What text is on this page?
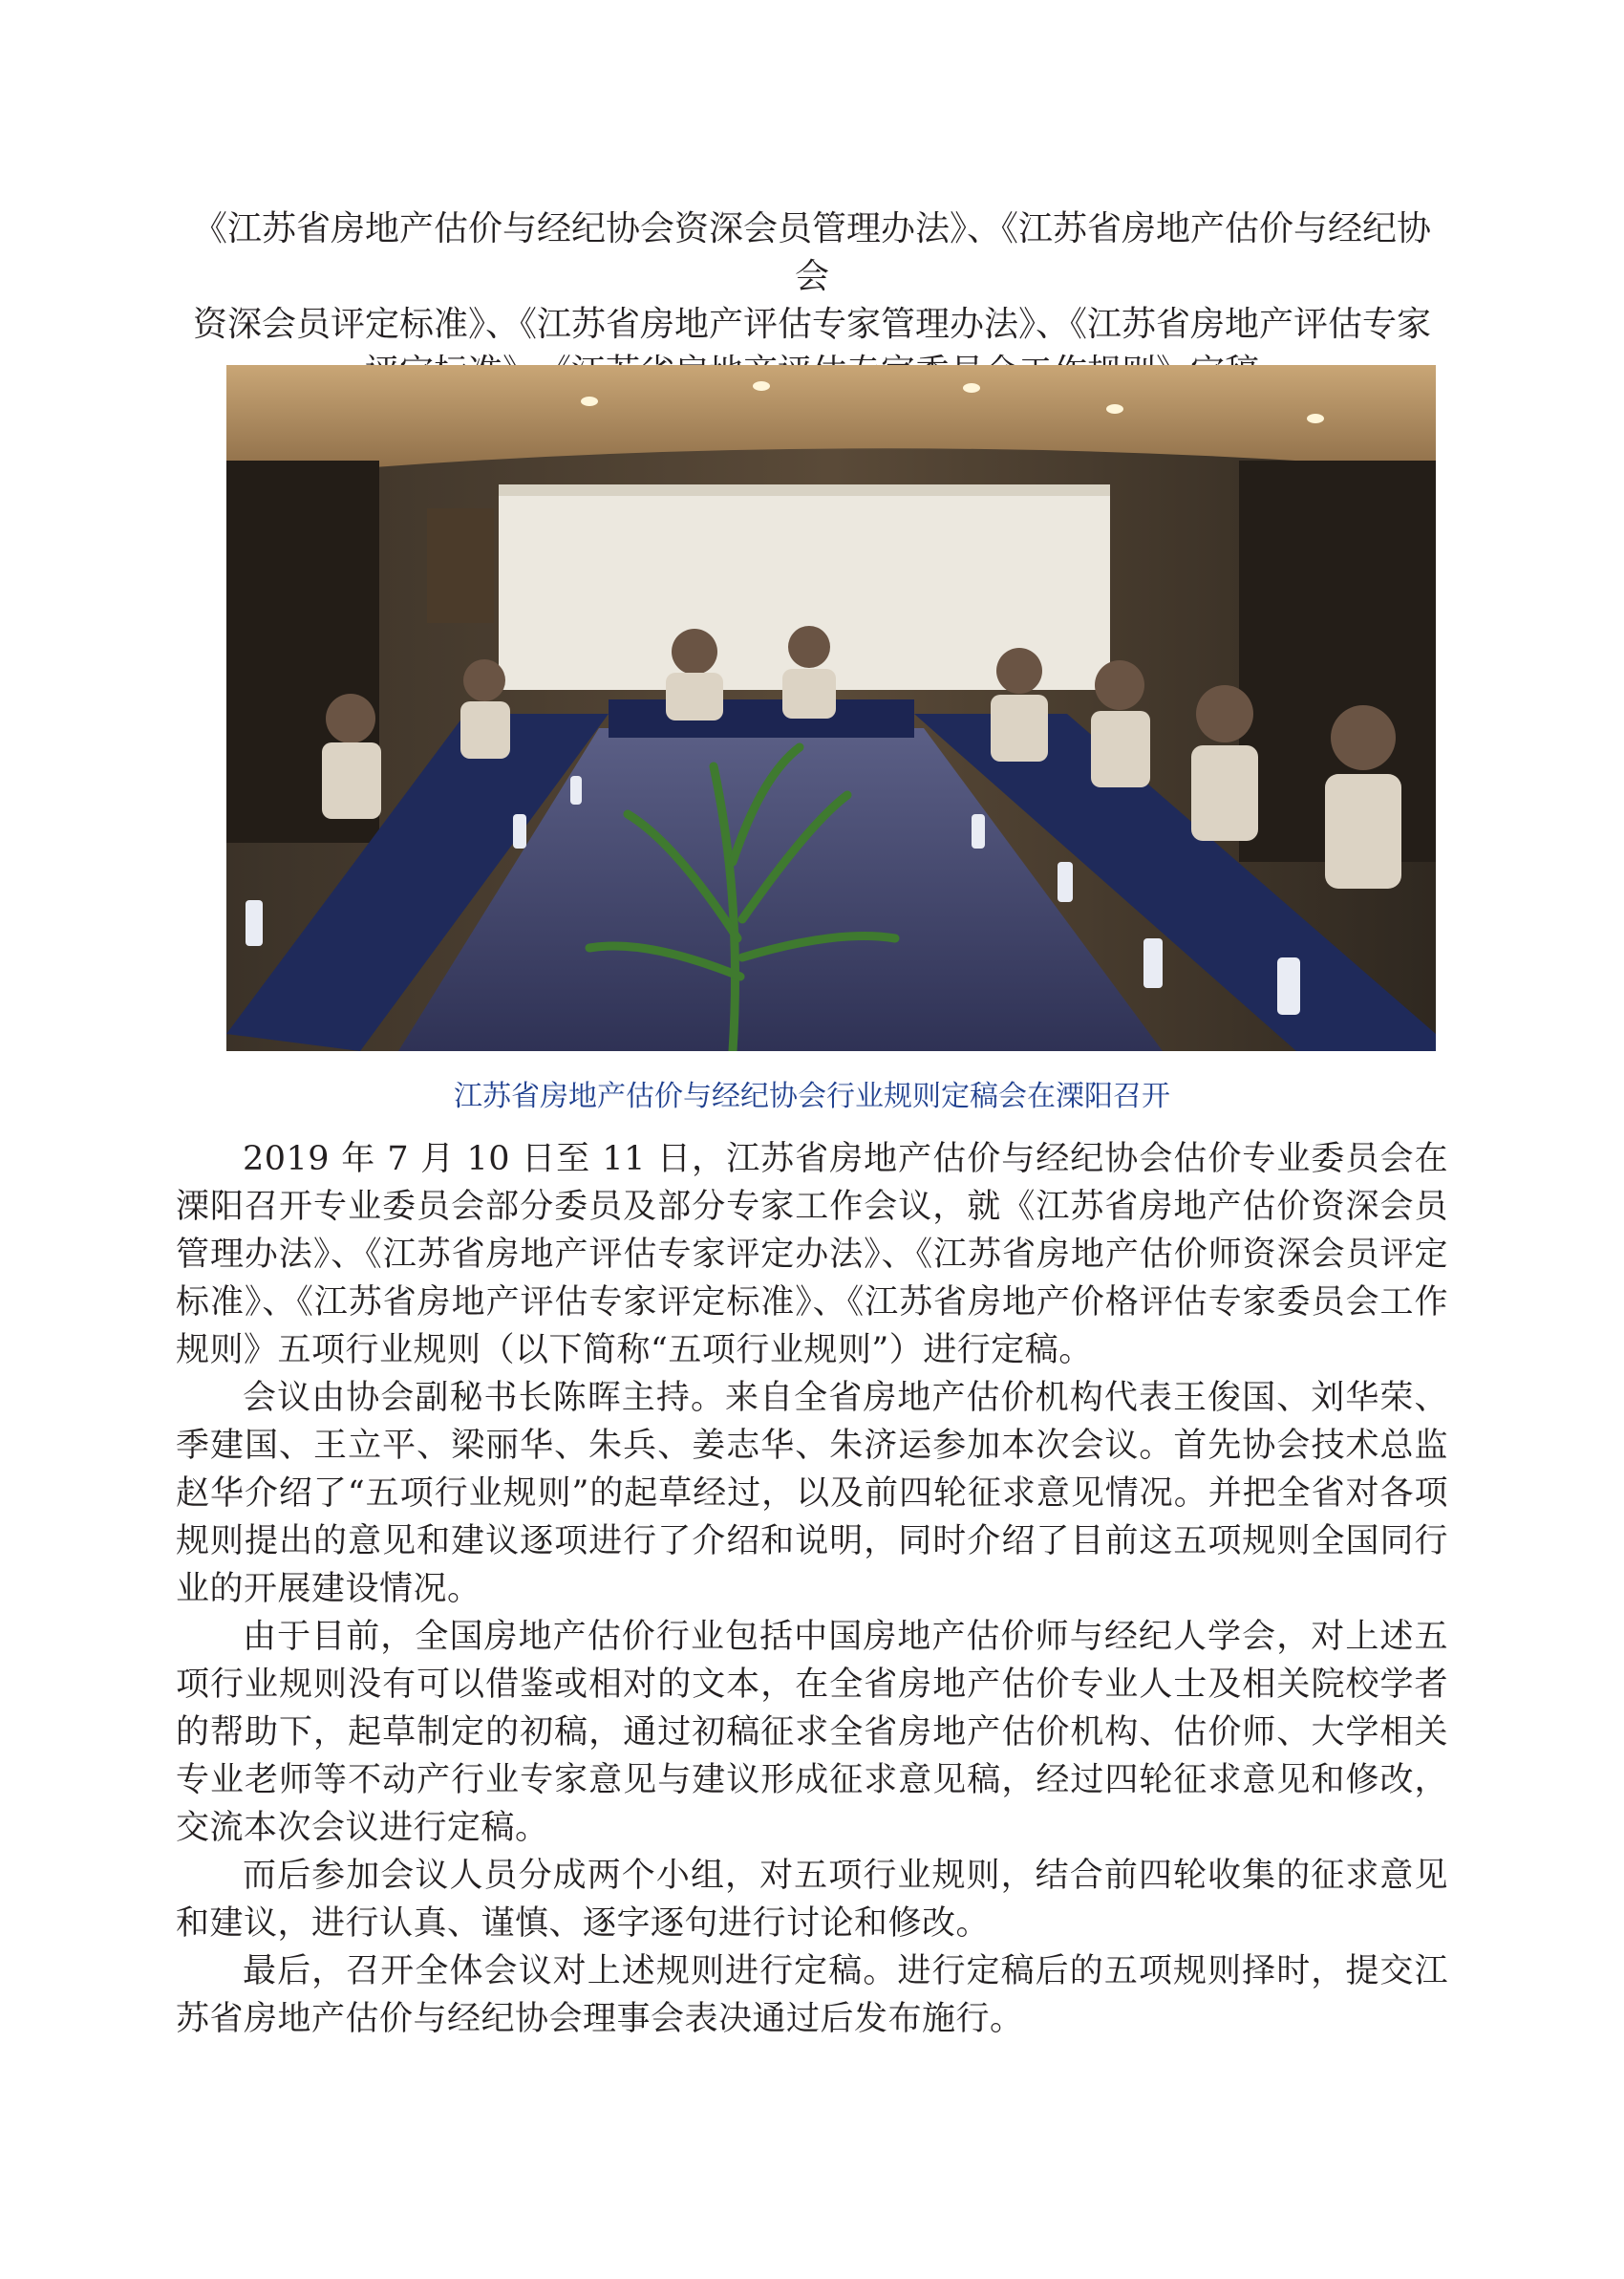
《江苏省房地产估价与经纪协会资深会员管理办法》、《江苏省房地产估价与经纪协会
资深会员评定标准》、《江苏省房地产评估专家管理办法》、《江苏省房地产评估专家
江苏省房地产估价与经纪协会行业规则定稿会在溧阳召开

2019 年 7 月 10 日至 11 日，江苏省房地产估价与经纪协会估价专业委员会在溧阳召开专业委员会部分委员及部分专家工作会议，就《江苏省房地产估价资深会员管理办法》、《江苏省房地产评估专家评定办法》、《江苏省房地产估价师资深会员评定标准》、《江苏省房地产评估专家评定标准》、《江苏省房地产价格评估专家委员会工作规则》五项行业规则（以下简称“五项行业规则”）进行定稿。

会议由协会副秘书长陈晖主持。来自全省房地产估价机构代表王俊国、刘华荣、季建国、王立平、梁丽华、朱兵、姜志华、朱济运参加本次会议。首先协会技术总监赵华介绍了“五项行业规则”的起草经过，以及前四轮征求意见情况。并把全省对各项规则提出的意见和建议逐项进行了介绍和说明，同时介绍了目前这五项规则全国同行业的开展建设情况。

由于目前，全国房地产估价行业包括中国房地产估价师与经纪人学会，对上述五项行业规则没有可以借鉴或相对的文本，在全省房地产估价专业人士及相关院校学者的帮助下，起草制定的初稿，通过初稿征求全省房地产估价机构、估价师、大学相关专业老师等不动产行业专家意见与建议形成征求意见稿，经过四轮征求意见和修改，交流本次会议进行定稿。

而后参加会议人员分成两个小组，对五项行业规则，结合前四轮收集的征求意见和建议，进行认真、谨慎、逐字逐句进行讨论和修改。

最后，召开全体会议对上述规则进行定稿。进行定稿后的五项规则择时，提交江苏省房地产估价与经纪协会理事会表决通过后发布施行。
